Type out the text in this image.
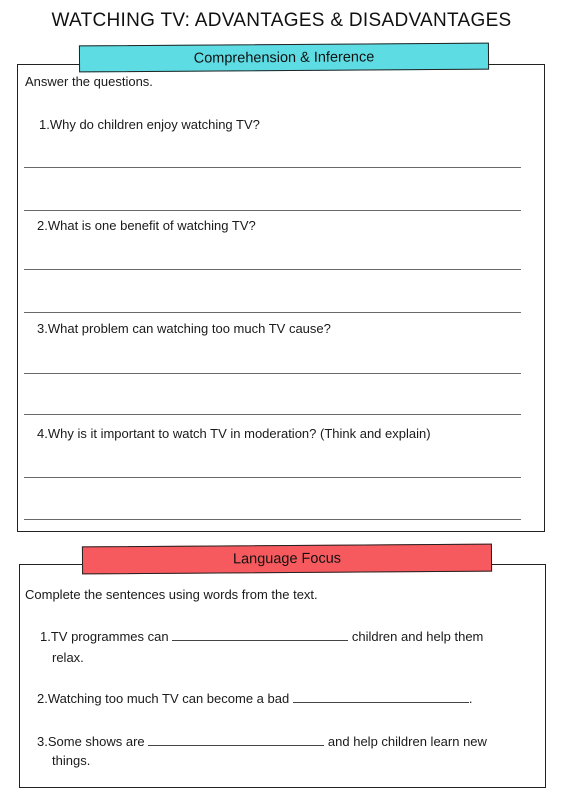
WATCHING TV: ADVANTAGES & DISADVANTAGES
Comprehension & Inference
Answer the questions.
1.Why do children enjoy watching TV?
2.What is one benefit of watching TV?
3.What problem can watching too much TV cause?
4.Why is it important to watch TV in moderation? (Think and explain)
Language Focus
Complete the sentences using words from the text.
1.TV programmes can	children and help them
relax.
2.Watching too much TV can become a bad	.
3.Some shows are	and help children learn new
things.
